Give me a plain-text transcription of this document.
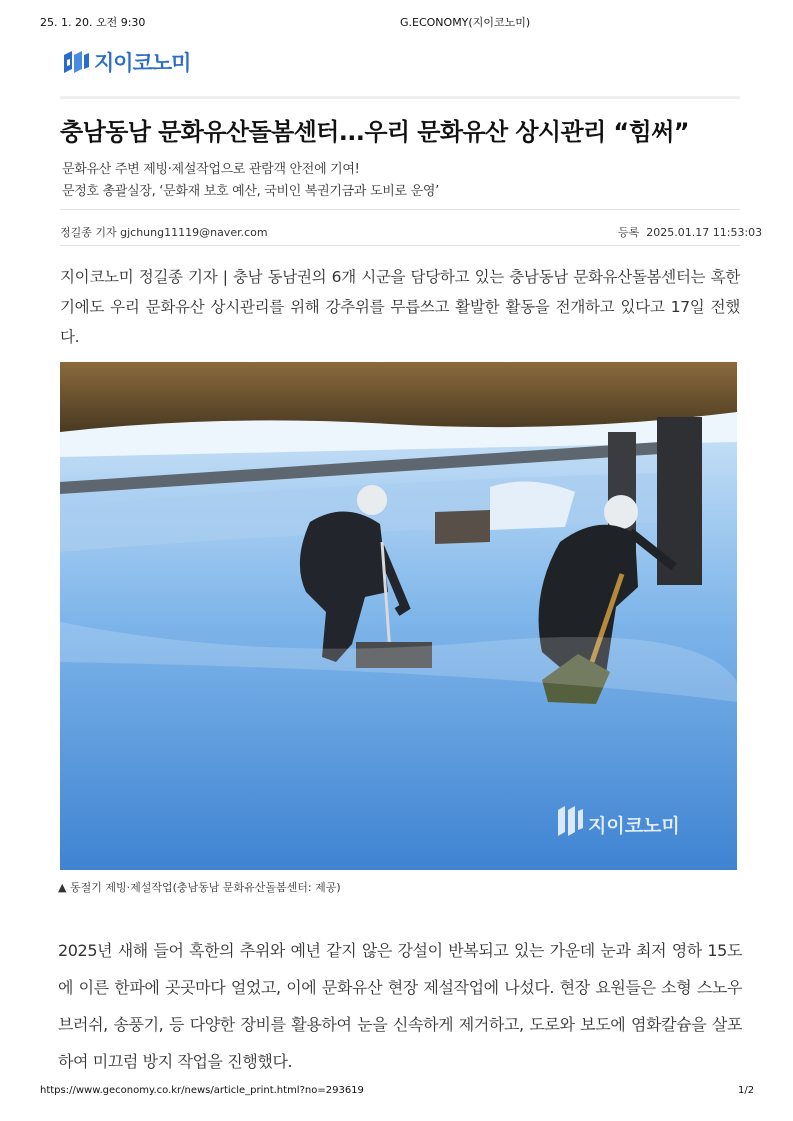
25. 1. 20. 오전 9:30	G.ECONOMY(지이코노미)
지이코노미
충남동남 문화유산돌봄센터...우리 문화유산 상시관리 “힘써”
문화유산 주변 제빙·제설작업으로 관람객 안전에 기여!
문정호 총괄실장, ‘문화재 보호 예산, 국비인 복권기금과 도비로 운영’
정길종 기자 gjchung11119@naver.com	등록 2025.01.17 11:53:03
지이코노미 정길종 기자 | 충남 동남권의 6개 시군을 담당하고 있는 충남동남 문화유산돌봄센터는 혹한기에도 우리 문화유산 상시관리를 위해 강추위를 무릅쓰고 활발한 활동을 전개하고 있다고 17일 전했다.
지이코노미
▲ 동절기 제빙·제설작업(충남동남 문화유산돌봄센터: 제공)
2025년 새해 들어 혹한의 추위와 예년 같지 않은 강설이 반복되고 있는 가운데 눈과 최저 영하 15도에 이른 한파에 곳곳마다 얼었고, 이에 문화유산 현장 제설작업에 나섰다. 현장 요원들은 소형 스노우 브러쉬, 송풍기, 등 다양한 장비를 활용하여 눈을 신속하게 제거하고, 도로와 보도에 염화칼슘을 살포하여 미끄럼 방지 작업을 진행했다.
https://www.geconomy.co.kr/news/article_print.html?no=293619	1/2
